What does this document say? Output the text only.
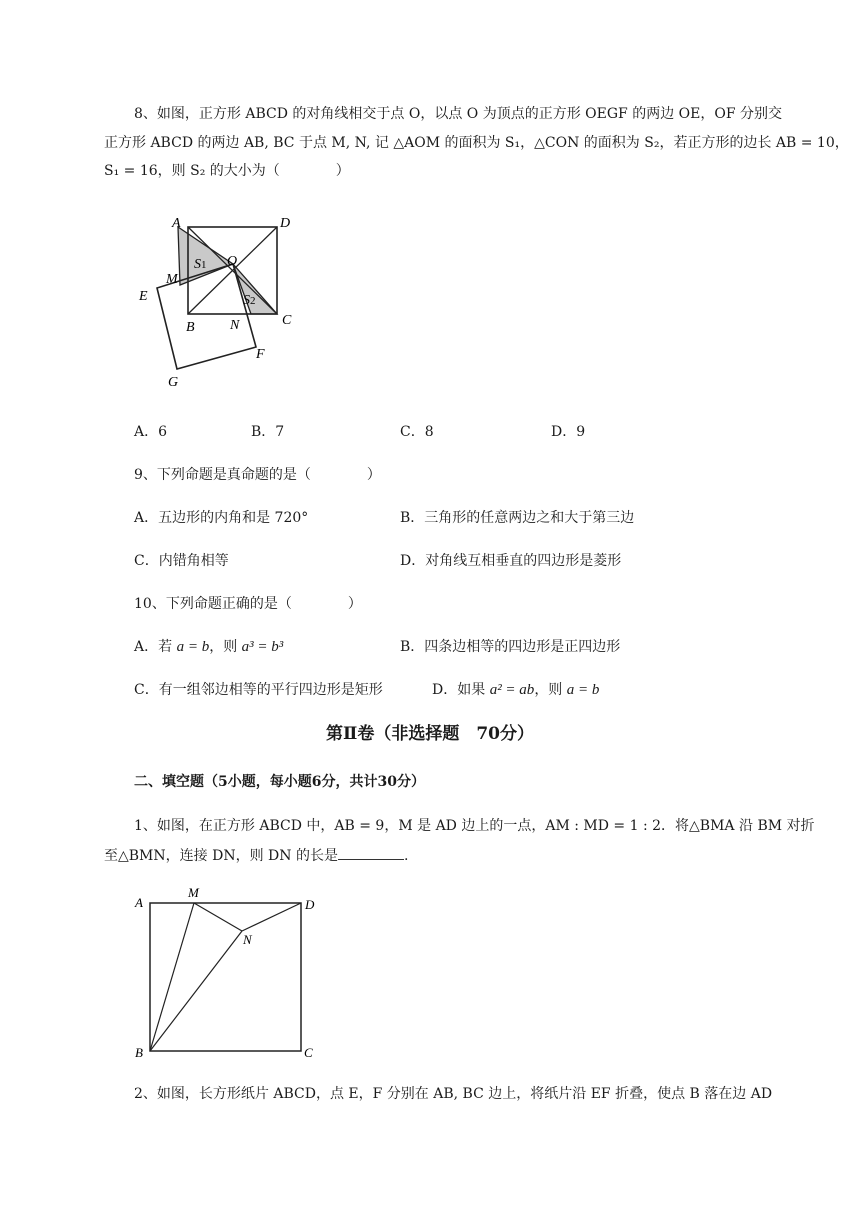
8、如图，正方形 ABCD 的对角线相交于点 O，以点 O 为顶点的正方形 OEGF 的两边 OE，OF 分别交
正方形 ABCD 的两边 AB, BC 于点 M, N, 记 △AOM 的面积为 S₁，△CON 的面积为 S₂，若正方形的边长 AB = 10，
S₁ = 16，则 S₂ 的大小为（　　　　）
A	D
O
S1
S2
M
E
B	N	C
F
G
A．6	B．7	C．8	D．9
9、下列命题是真命题的是（　　　　）
A．五边形的内角和是 720°	B．三角形的任意两边之和大于第三边
C．内错角相等	D．对角线互相垂直的四边形是菱形
10、下列命题正确的是（　　　　）
A．若 a = b，则 a³ = b³	B．四条边相等的四边形是正四边形
C．有一组邻边相等的平行四边形是矩形	D．如果 a² = ab，则 a = b
第Ⅱ卷（非选择题　70分）
二、填空题（5小题，每小题6分，共计30分）
1、如图，在正方形 ABCD 中，AB = 9，M 是 AD 边上的一点，AM : MD = 1 : 2．将△BMA 沿 BM 对折
至△BMN，连接 DN，则 DN 的长是	.
A
M
D
N
B	C
2、如图，长方形纸片 ABCD，点 E，F 分别在 AB, BC 边上，将纸片沿 EF 折叠，使点 B 落在边 AD
